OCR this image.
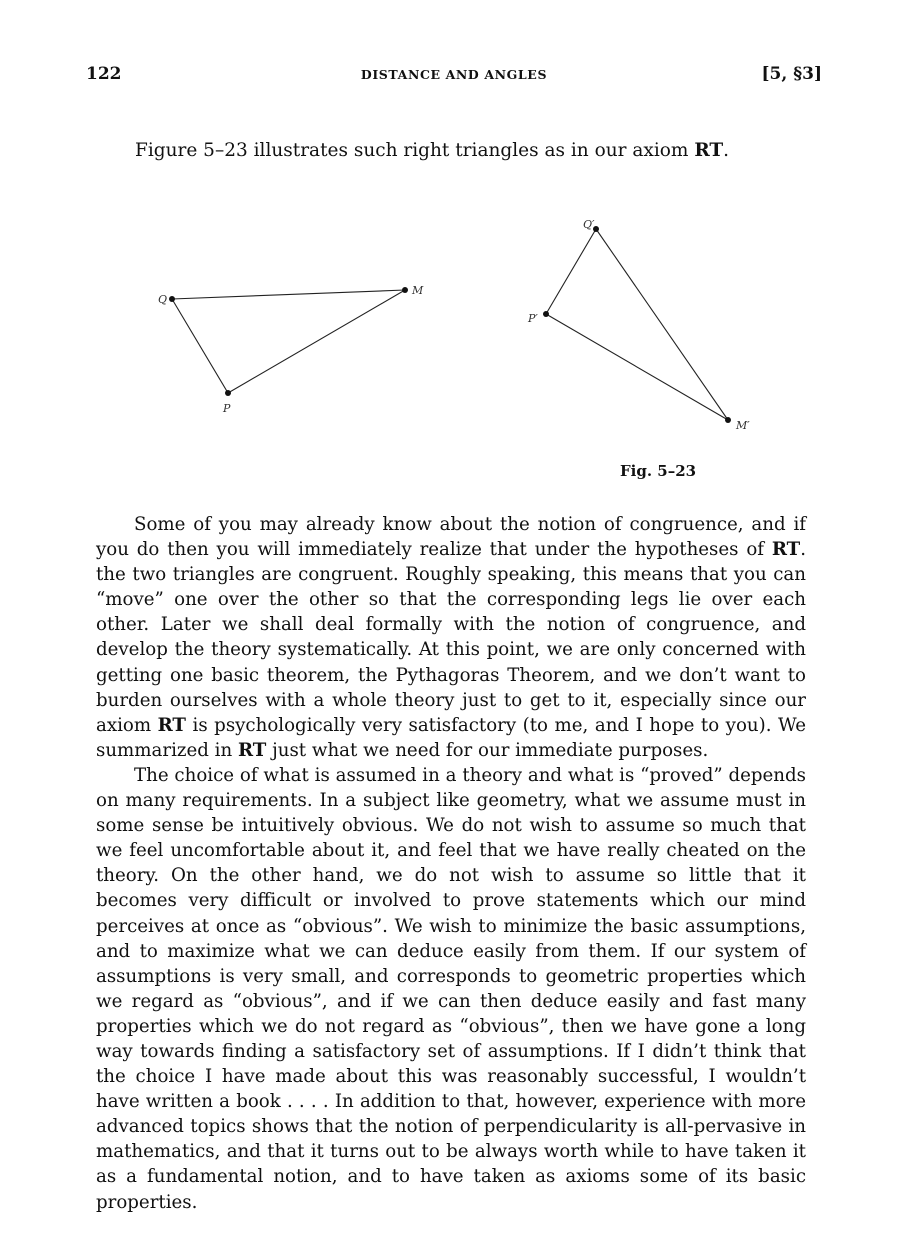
122	DISTANCE AND ANGLES	[5, §3]
Figure 5–23 illustrates such right triangles as in our axiom RT.
Q
M
P
Q′
P′
M′
Fig. 5–23

Some of you may already know about the notion of congruence, and if you do then you will immediately realize that under the hypotheses of RT. the two triangles are congruent. Roughly speaking, this means that you can “move” one over the other so that the corresponding legs lie over each other. Later we shall deal formally with the notion of congruence, and develop the theory systematically. At this point, we are only concerned with getting one basic theorem, the Pythagoras Theorem, and we don’t want to burden ourselves with a whole theory just to get to it, especially since our axiom RT is psychologically very satisfactory (to me, and I hope to you). We summarized in RT just what we need for our immediate purposes.

The choice of what is assumed in a theory and what is “proved” depends on many requirements. In a subject like geometry, what we assume must in some sense be intuitively obvious. We do not wish to assume so much that we feel uncomfortable about it, and feel that we have really cheated on the theory. On the other hand, we do not wish to assume so little that it becomes very difficult or involved to prove statements which our mind perceives at once as “obvious”. We wish to minimize the basic assumptions, and to maximize what we can deduce easily from them. If our system of assumptions is very small, and corresponds to geometric properties which we regard as “obvious”, and if we can then deduce easily and fast many properties which we do not regard as “obvious”, then we have gone a long way towards finding a satisfactory set of assumptions. If I didn’t think that the choice I have made about this was reasonably successful, I wouldn’t have written a book . . . . In addition to that, however, experience with more advanced topics shows that the notion of perpendicularity is all-pervasive in mathematics, and that it turns out to be always worth while to have taken it as a fundamental notion, and to have taken as axioms some of its basic properties.
